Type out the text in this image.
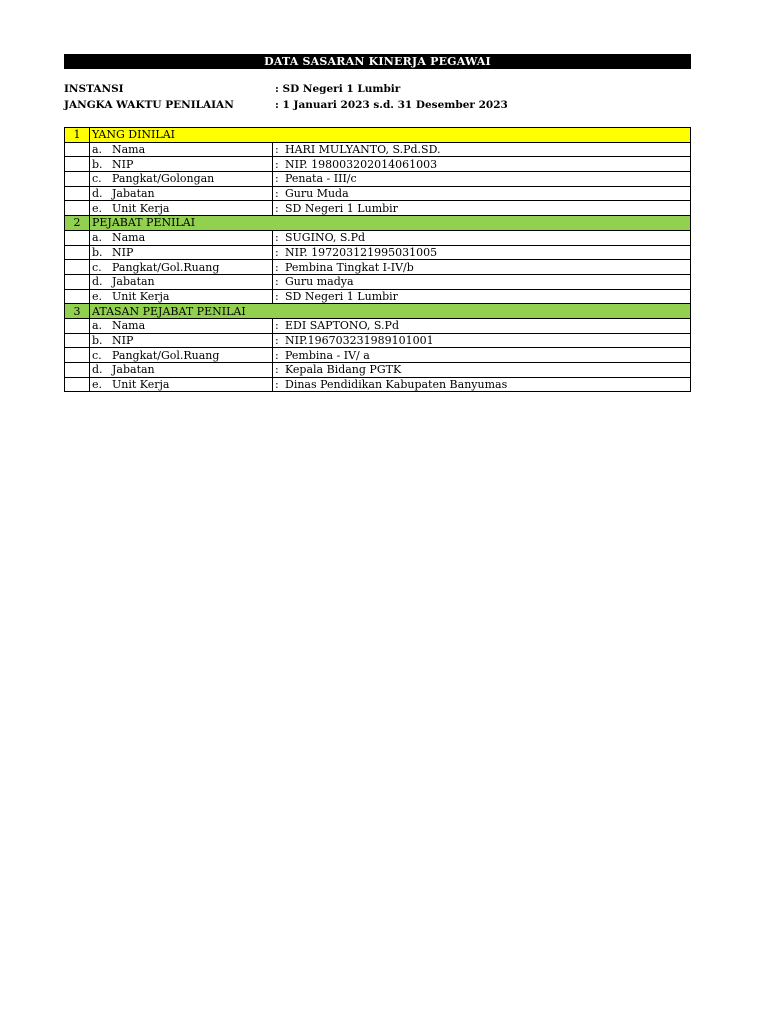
DATA SASARAN KINERJA PEGAWAI
INSTANSI	: SD Negeri 1 Lumbir
JANGKA WAKTU PENILAIAN	: 1 Januari 2023 s.d. 31 Desember 2023
1	YANG DINILAI	
	a. Nama	: HARI MULYANTO, S.Pd.SD.
	b. NIP	: NIP. 198003202014061003
	c. Pangkat/Golongan	: Penata - III/c
	d. Jabatan	: Guru Muda
	e. Unit Kerja	: SD Negeri 1 Lumbir
2	PEJABAT PENILAI	
	a. Nama	: SUGINO, S.Pd
	b. NIP	: NIP. 197203121995031005
	c. Pangkat/Gol.Ruang	: Pembina Tingkat I-IV/b
	d. Jabatan	: Guru madya
	e. Unit Kerja	: SD Negeri 1 Lumbir
3	ATASAN PEJABAT PENILAI	
	a. Nama	: EDI SAPTONO, S.Pd
	b. NIP	: NIP.196703231989101001
	c. Pangkat/Gol.Ruang	: Pembina - IV/ a
	d. Jabatan	: Kepala Bidang PGTK
	e. Unit Kerja	: Dinas Pendidikan Kabupaten Banyumas
